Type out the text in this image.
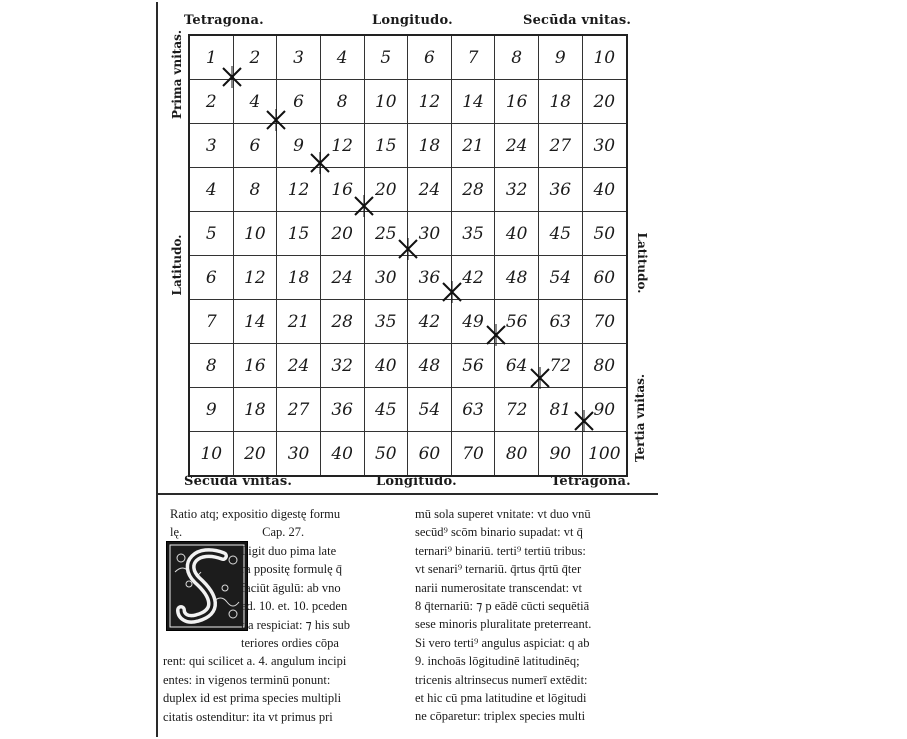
Tetragona.	Longitudo.	Secūda vnitas.
Secūda vnitas.	Longitudo.	Tetragona.
Prima vnitas.
Latitudo.	Latitudo.
Tertia vnitas.
1	2	3	4	5	6	7	8	9	10
2	4	6	8	10	12	14	16	18	20
3	6	9	12	15	18	21	24	27	30
4	8	12	16	20	24	28	32	36	40
5	10	15	20	25	30	35	40	45	50
6	12	18	24	30	36	42	48	54	60
7	14	21	28	35	42	49	56	63	70
8	16	24	32	40	48	56	64	72	80
9	18	27	36	45	54	63	72	81	90
10	20	30	40	50	60	70	80	90	100
Ratio atq; expositio digestę formu
lę.	Cap. 27.
I igit duo pima late
ra ppositę formulę q̄
faciūt āgulū: ab vno
ad. 10. et. 10. pceden
tia respiciat: ⁊ his sub
teriores ordies cōpa
rent: qui scilicet a. 4. angulum incipi
entes: in vigenos terminū ponunt:
duplex id est prima species multipli
citatis ostenditur: ita vt primus pri
mū sola superet vnitate: vt duo vnū
secūd⁹ scōm binario supadat: vt q̄
ternari⁹ binariū. terti⁹ tertiū tribus:
vt senari⁹ ternariū. q̄rtus q̄rtū q̄ter
narii numerositate transcendat: vt
8 q̄ternariū: ⁊ p eādē cūcti sequētiā
sese minoris pluralitate preterreant.
Si vero terti⁹ angulus aspiciat: q ab
9. inchoās lōgitudinē latitudinēq;
tricenis altrinsecus numerī extēdit:
et hic cū pma latitudine et lōgitudi
ne cōparetur: triplex species multi
